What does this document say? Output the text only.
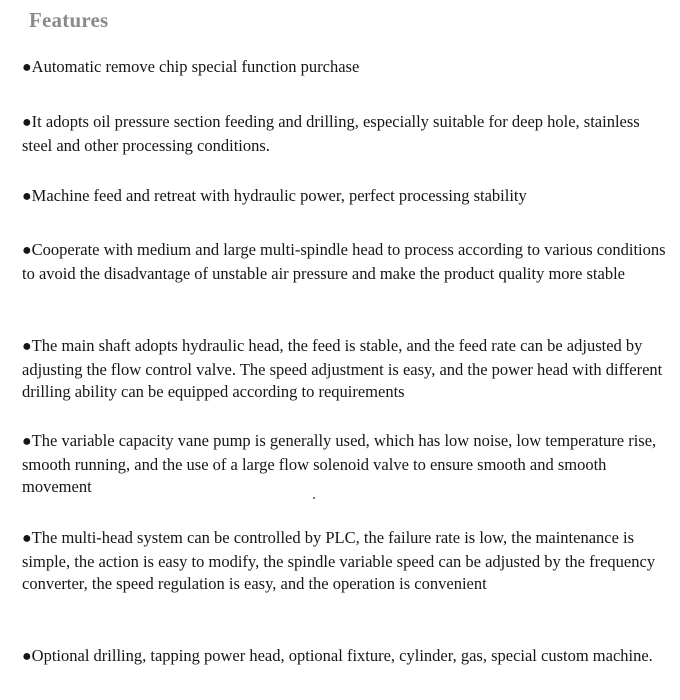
Features
●Automatic remove chip special function purchase
●It adopts oil pressure section feeding and drilling, especially suitable for deep hole, stainless steel and other processing conditions.
●Machine feed and retreat with hydraulic power, perfect processing stability
●Cooperate with medium and large multi-spindle head to process according to various conditions to avoid the disadvantage of unstable air pressure and make the product quality more stable
●The main shaft adopts hydraulic head, the feed is stable, and the feed rate can be adjusted by adjusting the flow control valve. The speed adjustment is easy, and the power head with different drilling ability can be equipped according to requirements
●The variable capacity vane pump is generally used, which has low noise, low temperature rise, smooth running, and the use of a large flow solenoid valve to ensure smooth and smooth movement
●The multi-head system can be controlled by PLC, the failure rate is low, the maintenance is simple, the action is easy to modify, the spindle variable speed can be adjusted by the frequency converter, the speed regulation is easy, and the operation is convenient
●Optional drilling, tapping power head, optional fixture, cylinder, gas, special custom machine.
